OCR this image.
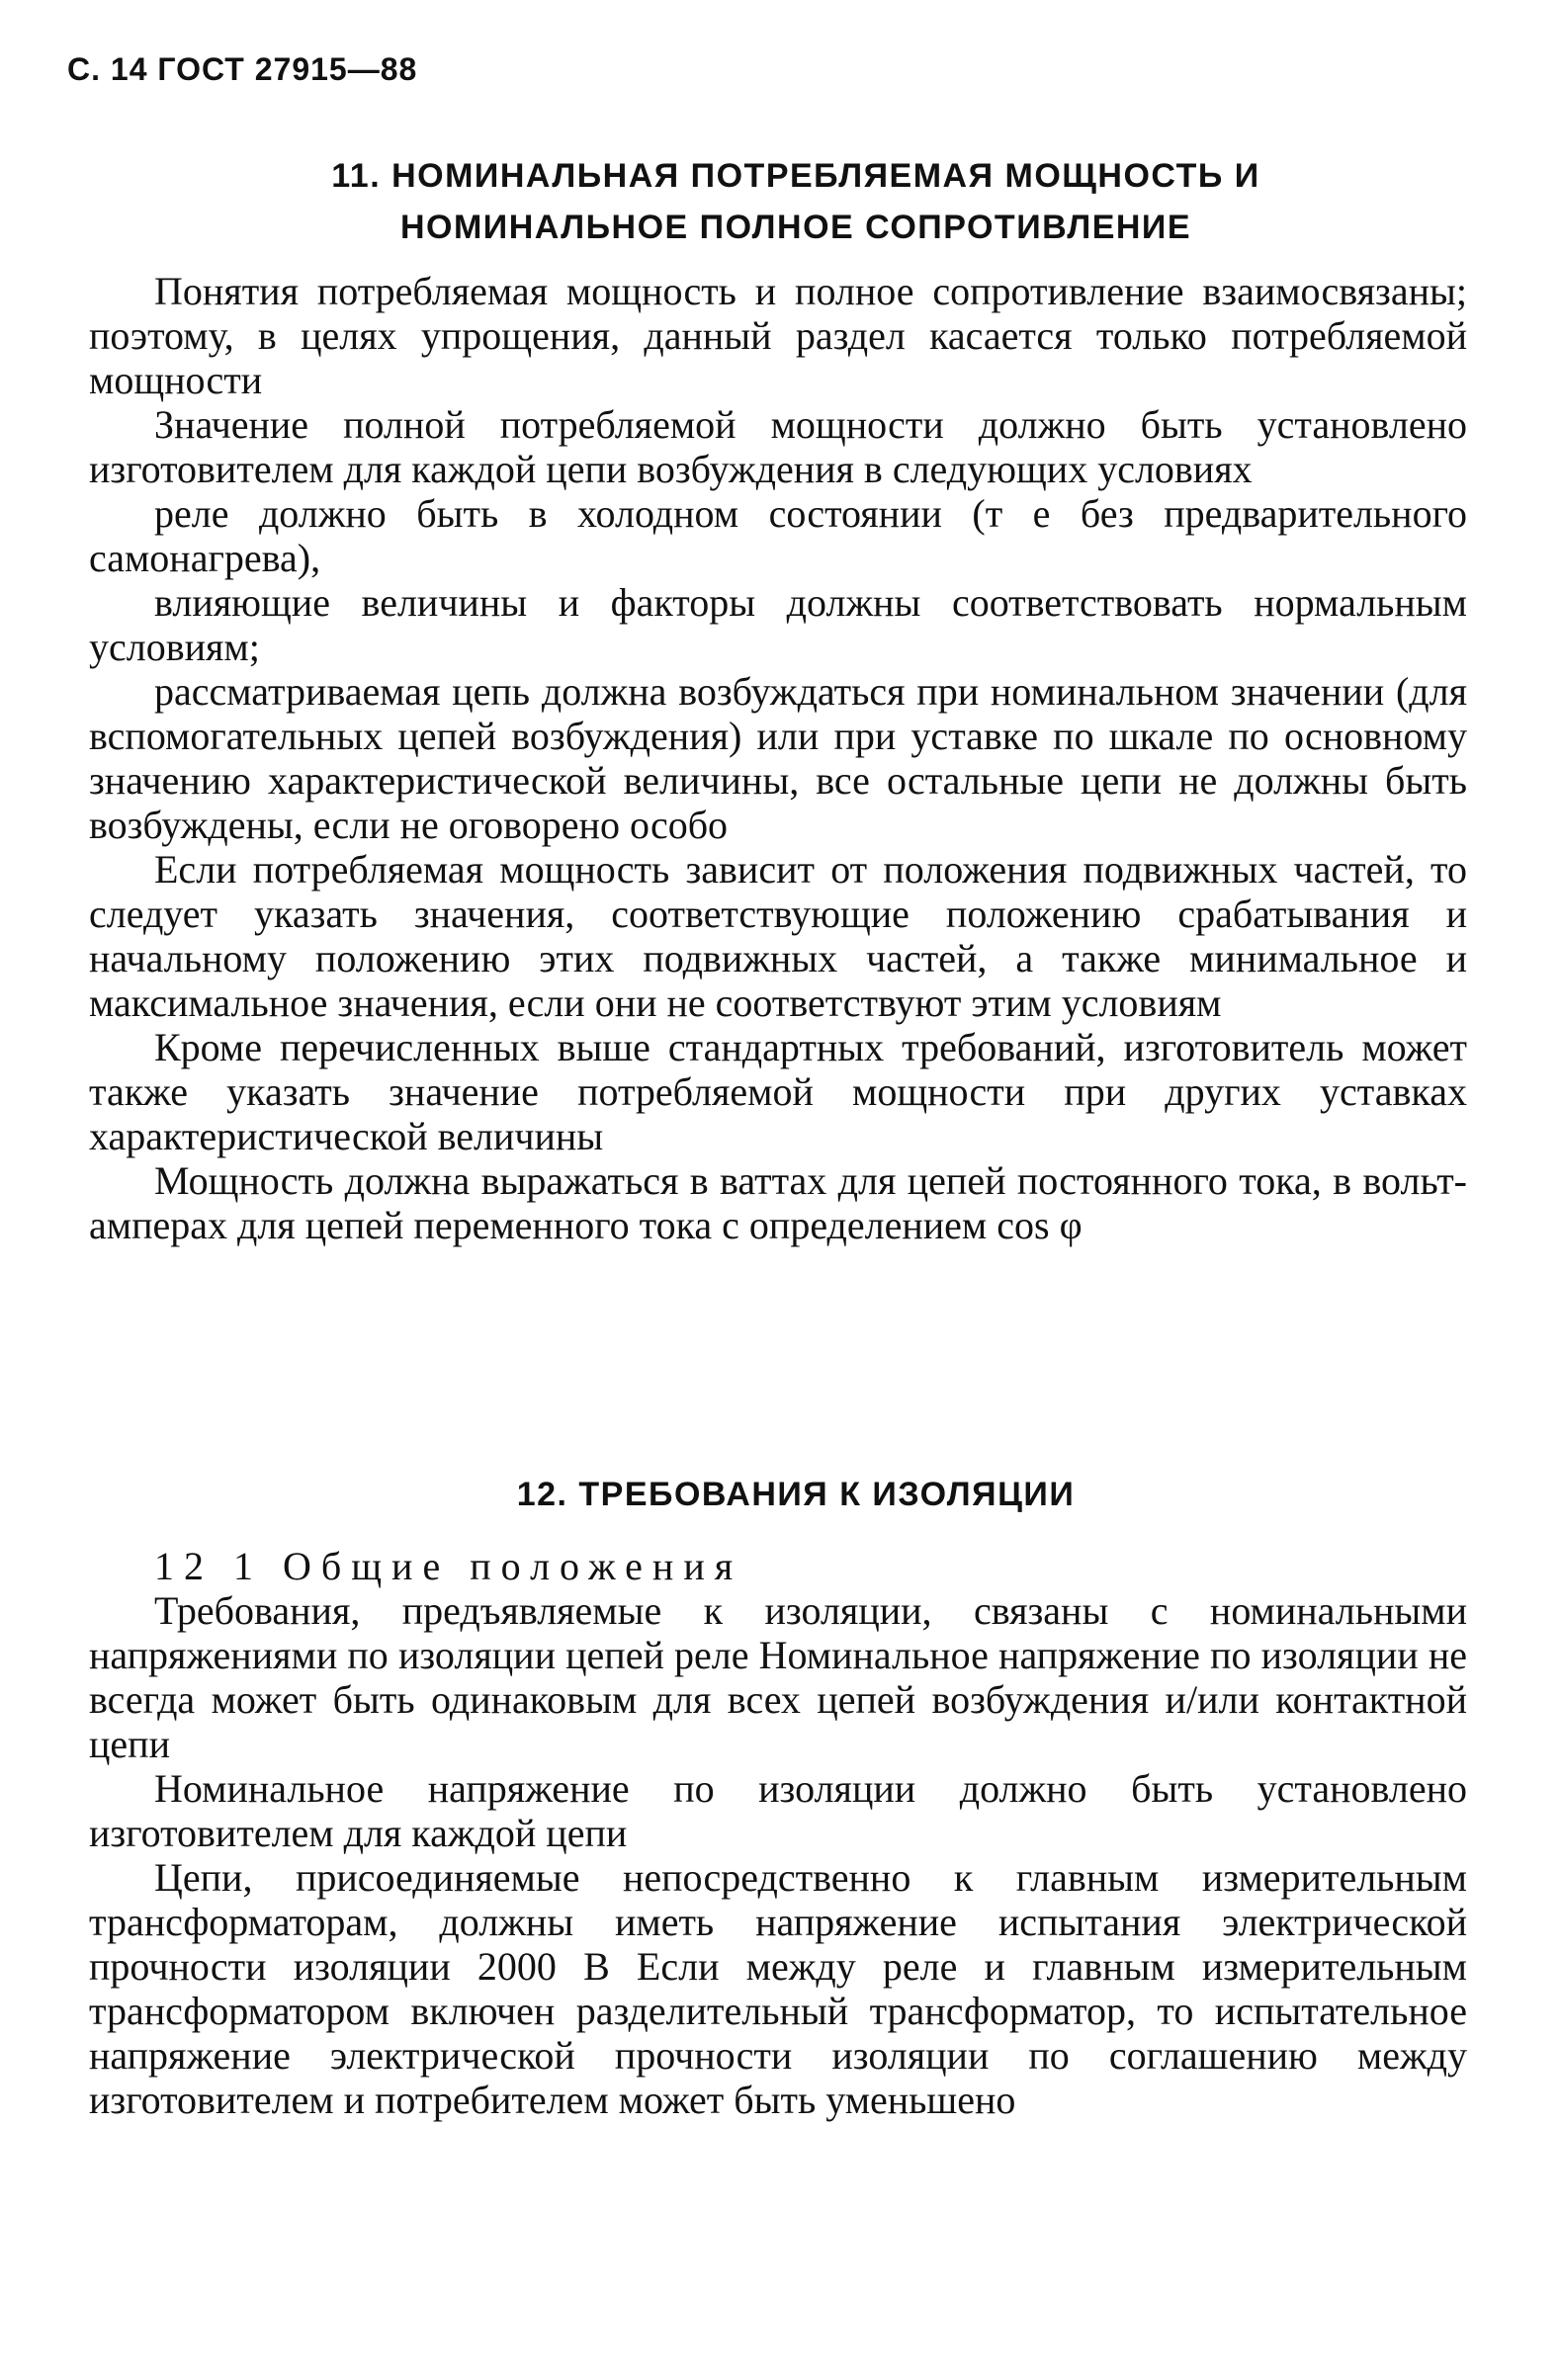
С. 14 ГОСТ 27915—88
11. НОМИНАЛЬНАЯ ПОТРЕБЛЯЕМАЯ МОЩНОСТЬ И
НОМИНАЛЬНОЕ ПОЛНОЕ СОПРОТИВЛЕНИЕ

Понятия потребляемая мощность и полное сопротивление взаимосвязаны; поэтому, в целях упрощения, данный раздел касается только потребляемой мощности

Значение полной потребляемой мощности должно быть установлено изготовителем для каждой цепи возбуждения в следующих условиях

реле должно быть в холодном состоянии (т е без предварительного самонагрева),

влияющие величины и факторы должны соответствовать нормальным условиям;

рассматриваемая цепь должна возбуждаться при номинальном значении (для вспомогательных цепей возбуждения) или при уставке по шкале по основному значению характеристической величины, все остальные цепи не должны быть возбуждены, если не оговорено особо

Если потребляемая мощность зависит от положения подвижных частей, то следует указать значения, соответствующие положению срабатывания и начальному положению этих подвижных частей, а также минимальное и максимальное значения, если они не соответствуют этим условиям

Кроме перечисленных выше стандартных требований, изготовитель может также указать значение потребляемой мощности при других уставках характеристической величины

Мощность должна выражаться в ваттах для цепей постоянного тока, в вольт-амперах для цепей переменного тока с определением cos φ

12. ТРЕБОВАНИЯ К ИЗОЛЯЦИИ
12 1 Общие положения

Требования, предъявляемые к изоляции, связаны с номинальными напряжениями по изоляции цепей реле Номинальное напряжение по изоляции не всегда может быть одинаковым для всех цепей возбуждения и/или контактной цепи

Номинальное напряжение по изоляции должно быть установлено изготовителем для каждой цепи

Цепи, присоединяемые непосредственно к главным измерительным трансформаторам, должны иметь напряжение испытания электрической прочности изоляции 2000 В Если между реле и главным измерительным трансформатором включен разделительный трансформатор, то испытательное напряжение электрической прочности изоляции по соглашению между изготовителем и потребителем может быть уменьшено
